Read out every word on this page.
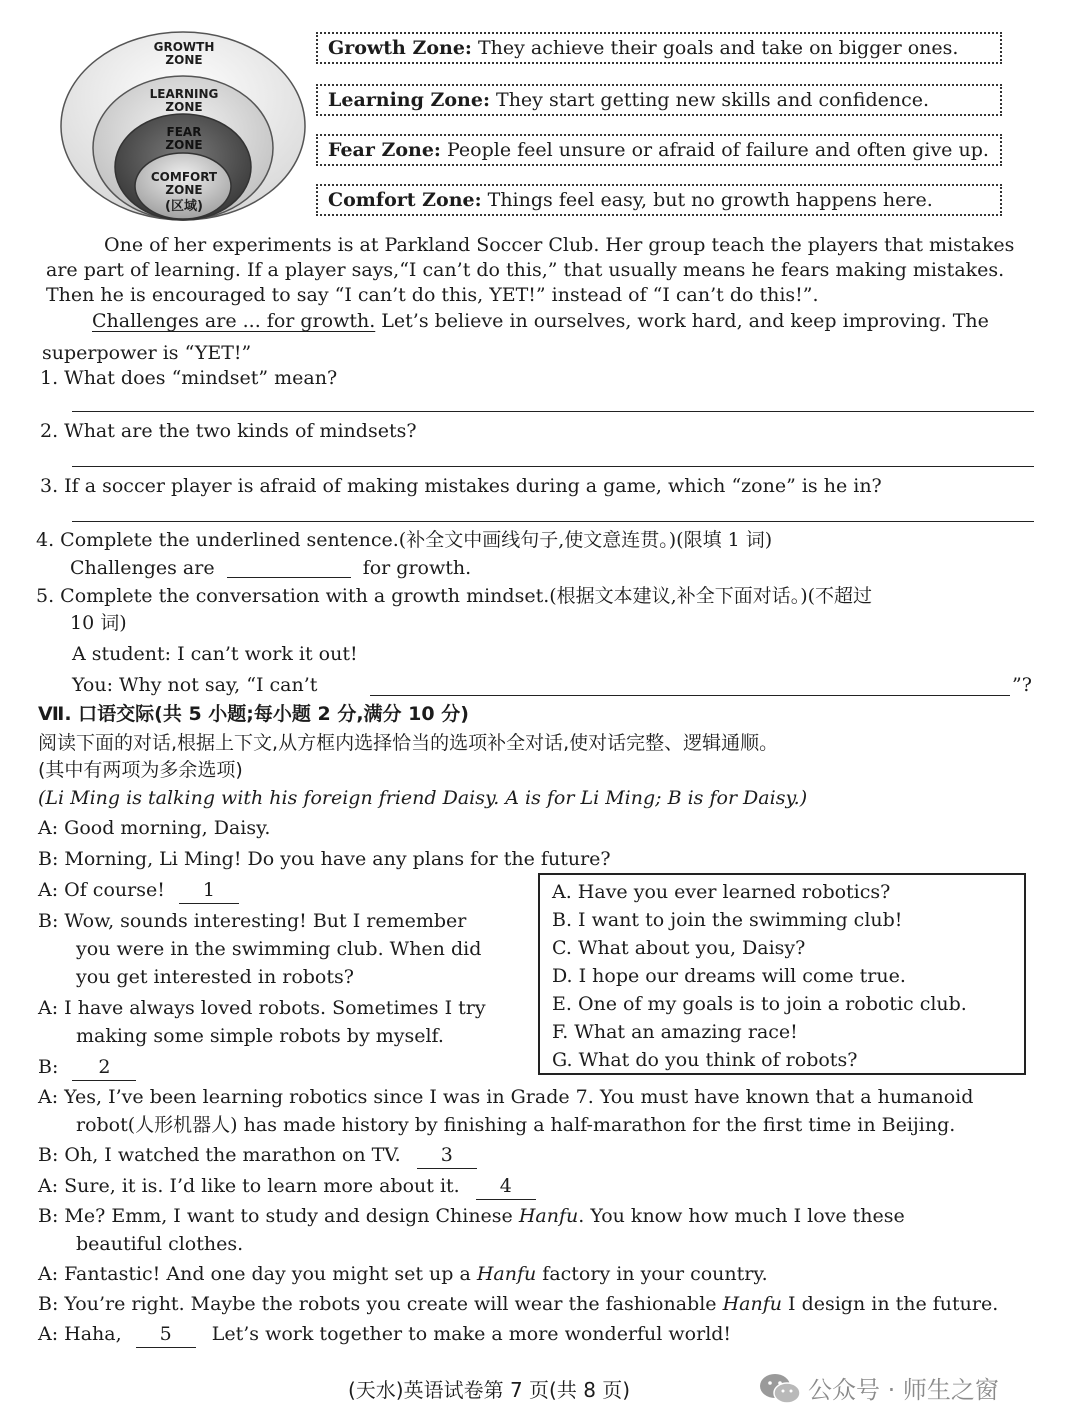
GROWTH ZONE
LEARNING ZONE
FEAR ZONE
COMFORT ZONE
(区域)
Growth Zone: They achieve their goals and take on bigger ones.
Learning Zone: They start getting new skills and confidence.
Fear Zone: People feel unsure or afraid of failure and often give up.
Comfort Zone: Things feel easy, but no growth happens here.
One of her experiments is at Parkland Soccer Club. Her group teach the players that mistakes
are part of learning. If a player says,“I can’t do this,” that usually means he fears making mistakes.
Then he is encouraged to say “I can’t do this, YET!” instead of “I can’t do this!”.
Challenges are ... for growth. Let’s believe in ourselves, work hard, and keep improving. The
superpower is “YET!”
1. What does “mindset” mean?
2. What are the two kinds of mindsets?
3. If a soccer player is afraid of making mistakes during a game, which “zone” is he in?
4. Complete the underlined sentence.(补全文中画线句子,使文意连贯。)(限填 1 词)
Challenges are	for growth.
5. Complete the conversation with a growth mindset.(根据文本建议,补全下面对话。)(不超过
10 词)
A student: I can’t work it out!
You: Why not say, “I can’t	”?
Ⅶ. 口语交际(共 5 小题;每小题 2 分,满分 10 分)
阅读下面的对话,根据上下文,从方框内选择恰当的选项补全对话,使对话完整、逻辑通顺。
(其中有两项为多余选项)
(Li Ming is talking with his foreign friend Daisy. A is for Li Ming; B is for Daisy.)
A: Good morning, Daisy.
B: Morning, Li Ming! Do you have any plans for the future?
A: Of course! 1
B: Wow, sounds interesting! But I remember
you were in the swimming club. When did
you get interested in robots?
A: I have always loved robots. Sometimes I try
making some simple robots by myself.
B: 2
A: Yes, I’ve been learning robotics since I was in Grade 7. You must have known that a humanoid
robot(人形机器人) has made history by finishing a half-marathon for the first time in Beijing.
B: Oh, I watched the marathon on TV. 3
A: Sure, it is. I’d like to learn more about it. 4
B: Me? Emm, I want to study and design Chinese Hanfu. You know how much I love these
beautiful clothes.
A: Fantastic! And one day you might set up a Hanfu factory in your country.
B: You’re right. Maybe the robots you create will wear the fashionable Hanfu I design in the future.
A: Haha, 5 Let’s work together to make a more wonderful world!
A. Have you ever learned robotics?
B. I want to join the swimming club!
C. What about you, Daisy?
D. I hope our dreams will come true.
E. One of my goals is to join a robotic club.
F. What an amazing race!
G. What do you think of robots?
(天水)英语试卷第 7 页(共 8 页)	公众号 · 师生之窗
